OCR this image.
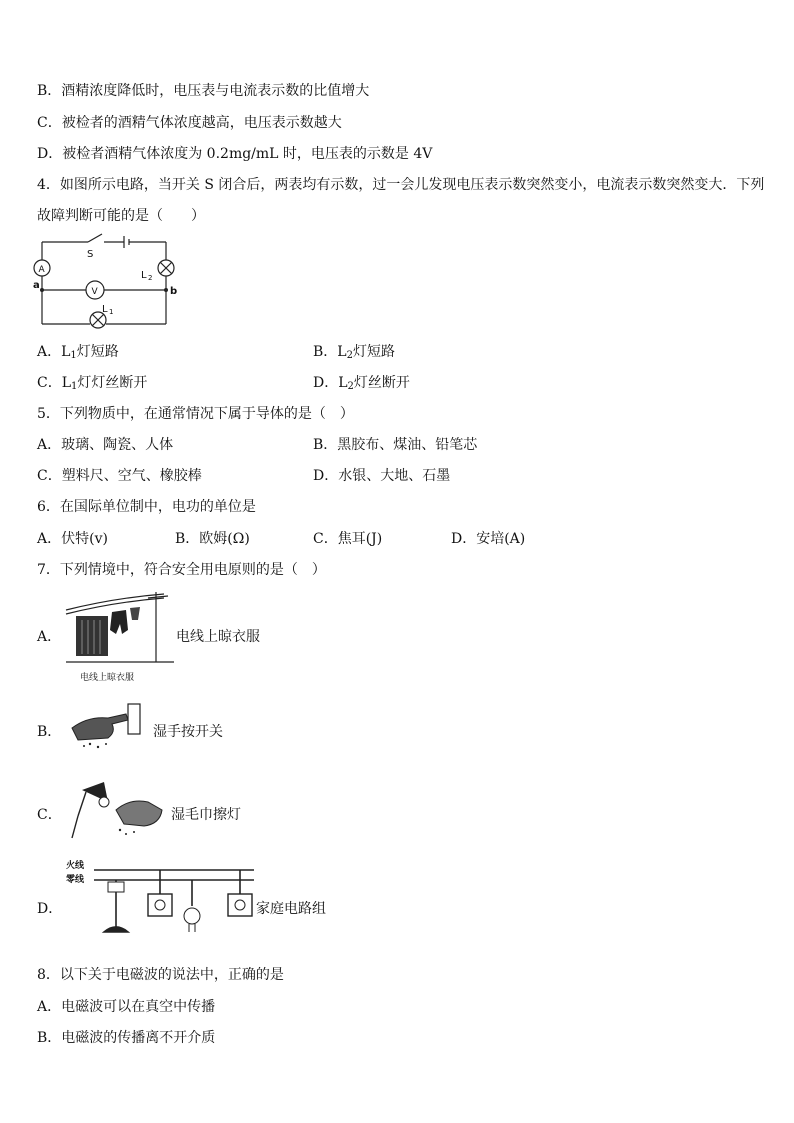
B．酒精浓度降低时，电压表与电流表示数的比值增大
C．被检者的酒精气体浓度越高，电压表示数越大
D．被检者酒精气体浓度为 0.2mg/mL 时，电压表的示数是 4V
4．如图所示电路，当开关 S 闭合后，两表均有示数，过一会儿发现电压表示数突然变小，电流表示数突然变大．下列
故障判断可能的是（　　）
S
A
V
L 2
L 1
a
b
A．$L_1$灯短路	B．$L_2$灯短路
C．$L_1$灯灯丝断开	D．$L_2$灯丝断开
5．下列物质中，在通常情况下属于导体的是（　）
A．玻璃、陶瓷、人体	B．黑胶布、煤油、铅笔芯
C．塑料尺、空气、橡胶棒	D．水银、大地、石墨
6．在国际单位制中，电功的单位是
A．伏特(v)	B．欧姆(Ω)	C．焦耳(J)	D．安培(A)
7．下列情境中，符合安全用电原则的是（　）
A．
电线上晾衣服
电线上晾衣服
B．	湿手按开关
C．	湿毛巾擦灯
D．
火线
零线
家庭电路组
8．以下关于电磁波的说法中，正确的是
A．电磁波可以在真空中传播
B．电磁波的传播离不开介质
